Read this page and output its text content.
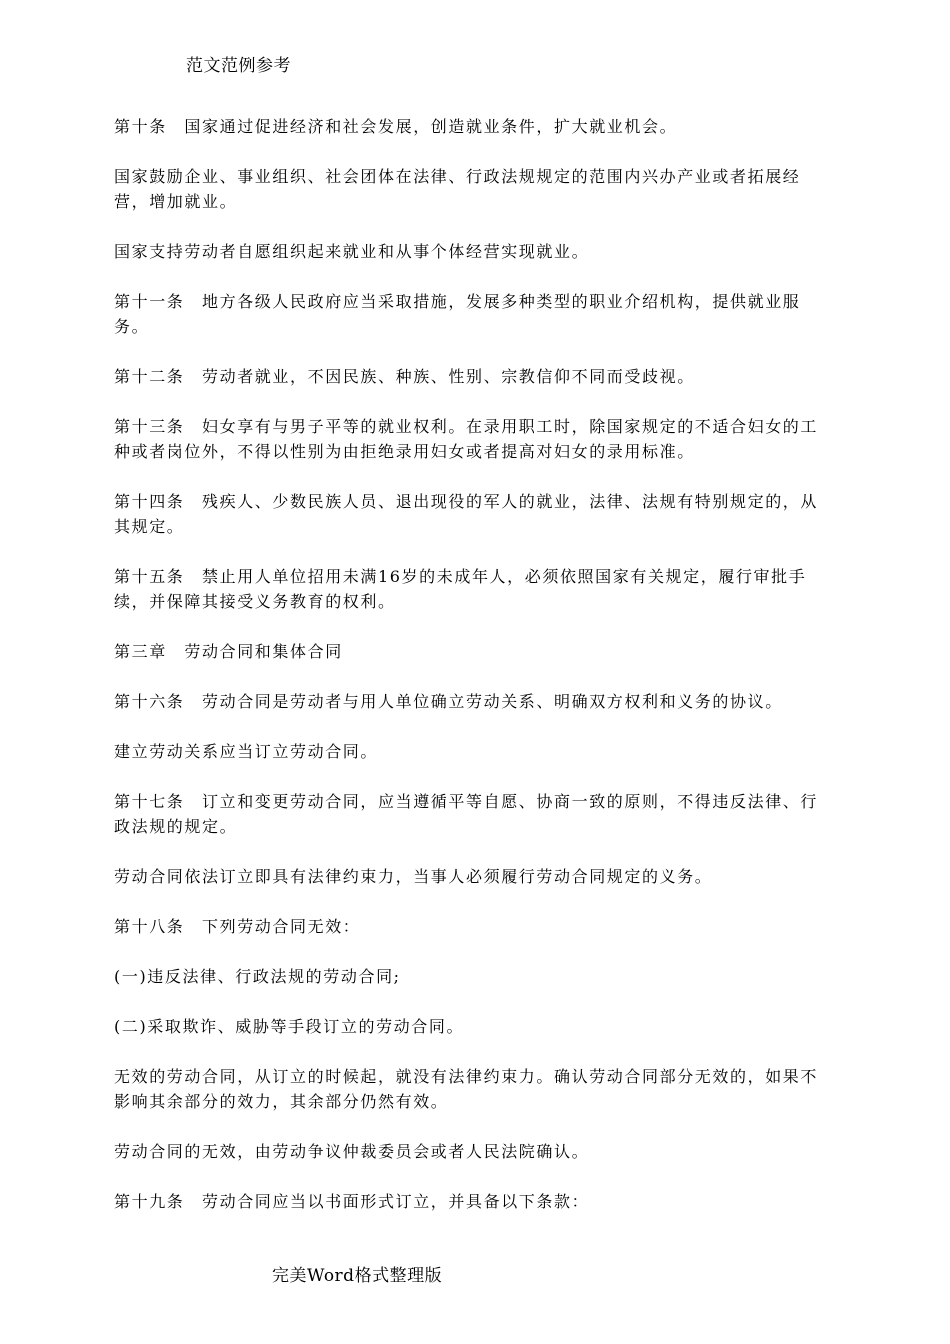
范文范例参考

第十条　国家通过促进经济和社会发展，创造就业条件，扩大就业机会。

国家鼓励企业、事业组织、社会团体在法律、行政法规规定的范围内兴办产业或者拓展经营，增加就业。

国家支持劳动者自愿组织起来就业和从事个体经营实现就业。

第十一条　地方各级人民政府应当采取措施，发展多种类型的职业介绍机构，提供就业服务。

第十二条　劳动者就业，不因民族、种族、性别、宗教信仰不同而受歧视。

第十三条　妇女享有与男子平等的就业权利。在录用职工时，除国家规定的不适合妇女的工种或者岗位外，不得以性别为由拒绝录用妇女或者提高对妇女的录用标准。

第十四条　残疾人、少数民族人员、退出现役的军人的就业，法律、法规有特别规定的，从其规定。

第十五条　禁止用人单位招用未满16岁的未成年人，必须依照国家有关规定，履行审批手续，并保障其接受义务教育的权利。

第三章　劳动合同和集体合同

第十六条　劳动合同是劳动者与用人单位确立劳动关系、明确双方权利和义务的协议。

建立劳动关系应当订立劳动合同。

第十七条　订立和变更劳动合同，应当遵循平等自愿、协商一致的原则，不得违反法律、行政法规的规定。

劳动合同依法订立即具有法律约束力，当事人必须履行劳动合同规定的义务。

第十八条　下列劳动合同无效：

(一)违反法律、行政法规的劳动合同;

(二)采取欺诈、威胁等手段订立的劳动合同。

无效的劳动合同，从订立的时候起，就没有法律约束力。确认劳动合同部分无效的，如果不影响其余部分的效力，其余部分仍然有效。

劳动合同的无效，由劳动争议仲裁委员会或者人民法院确认。

第十九条　劳动合同应当以书面形式订立，并具备以下条款：

完美Word格式整理版
